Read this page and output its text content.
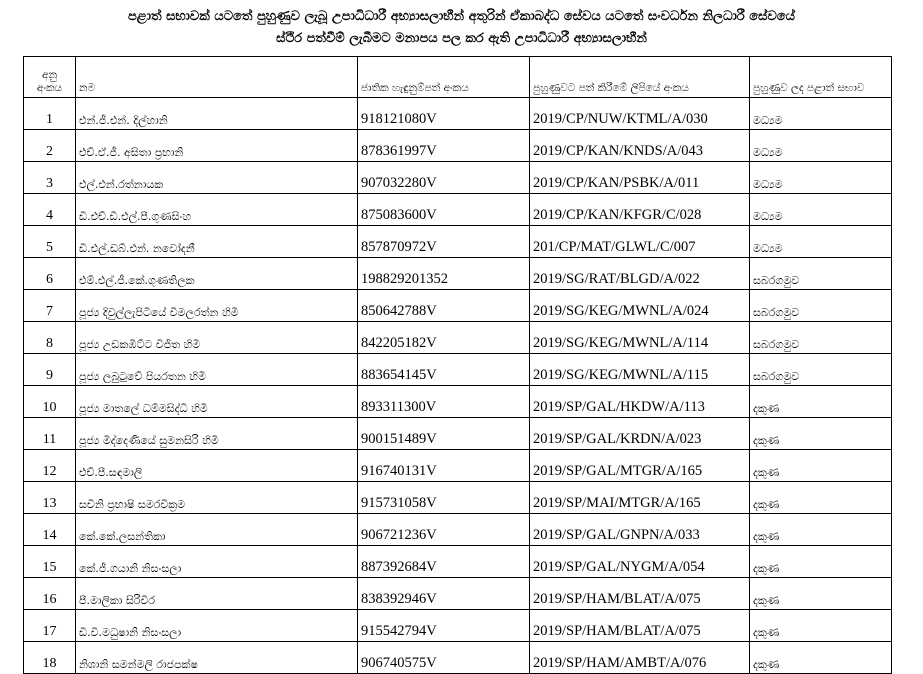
පළාත් සභාවක් යටතේ පුහුණුව ලැබූ උපාධිධාරී අභ්‍යාසලාභීන් අතුරින් ඒකාබද්ධ සේවය යටතේ සංවර්ධන නිලධාරී සේවයේ
ස්ථිර පත්වීම් ලැබීමට මනාපය පල කර ඇති උපාධිධාරී අභ්‍යාසලාභීන්
අනු
අංකය	නම	ජාතික හැඳුනුම්පත් අංකය	පුහුණුවට පත් කිරීමේ ලිපියේ අංකය	පුහුණුව ලද පළාත් සභාව
1	එන්.ජී.එන්. දිල්හානි	918121080V	2019/CP/NUW/KTML/A/030	මධ්‍යම
2	එච්.ඒ.ජී. අසිතා ප්‍රභානි	878361997V	2019/CP/KAN/KNDS/A/043	මධ්‍යම
3	එල්.එන්.රත්නායක	907032280V	2019/CP/KAN/PSBK/A/011	මධ්‍යම
4	ඩී.එච්.ඩී.එල්.පී.ගුණසිංහ	875083600V	2019/CP/KAN/KFGR/C/028	මධ්‍යම
5	ඩී.එල්.ඩබ්.එන්. නවෝදනී	857870972V	201/CP/MAT/GLWL/C/007	මධ්‍යම
6	එම්.එල්.ජී.කේ.ගුණතිලක	198829201352	2019/SG/RAT/BLGD/A/022	සබරගමුව
7	පූජ්‍ය දිවුල්ලැපිටියේ විමලරත්න හිමි	850642788V	2019/SG/KEG/MWNL/A/024	සබරගමුව
8	පූජ්‍ය උඩකඹිට්ට විජිත හිමි	842205182V	2019/SG/KEG/MWNL/A/114	සබරගමුව
9	පූජ්‍ය ලබුටුවේ පියරතන හිමි	883654145V	2019/SG/KEG/MWNL/A/115	සබරගමුව
10	පූජ්‍ය මාතලේ ධම්මසිද්ධි හිමි	893311300V	2019/SP/GAL/HKDW/A/113	දකුණ
11	පූජ්‍ය මිද්දෙණියේ සුමනසිරි හිමි	900151489V	2019/SP/GAL/KRDN/A/023	දකුණ
12	එච්.පී.සඳමාලි	916740131V	2019/SP/GAL/MTGR/A/165	දකුණ
13	සචිනි ප්‍රභාෂි සමරවික්‍රම	915731058V	2019/SP/MAI/MTGR/A/165	දකුණ
14	කේ.කේ.ලසන්තිකා	906721236V	2019/SP/GAL/GNPN/A/033	දකුණ
15	කේ.ජී.ගයානි නිසංසලා	887392684V	2019/SP/GAL/NYGM/A/054	දකුණ
16	පී.මාලිකා සිරිවීර	838392946V	2019/SP/HAM/BLAT/A/075	දකුණ
17	ඩී.වී.මධුෂානි නිසංසලා	915542794V	2019/SP/HAM/BLAT/A/075	දකුණ
18	නිශානි සමන්මලි රාජපක්ෂ	906740575V	2019/SP/HAM/AMBT/A/076	දකුණ
